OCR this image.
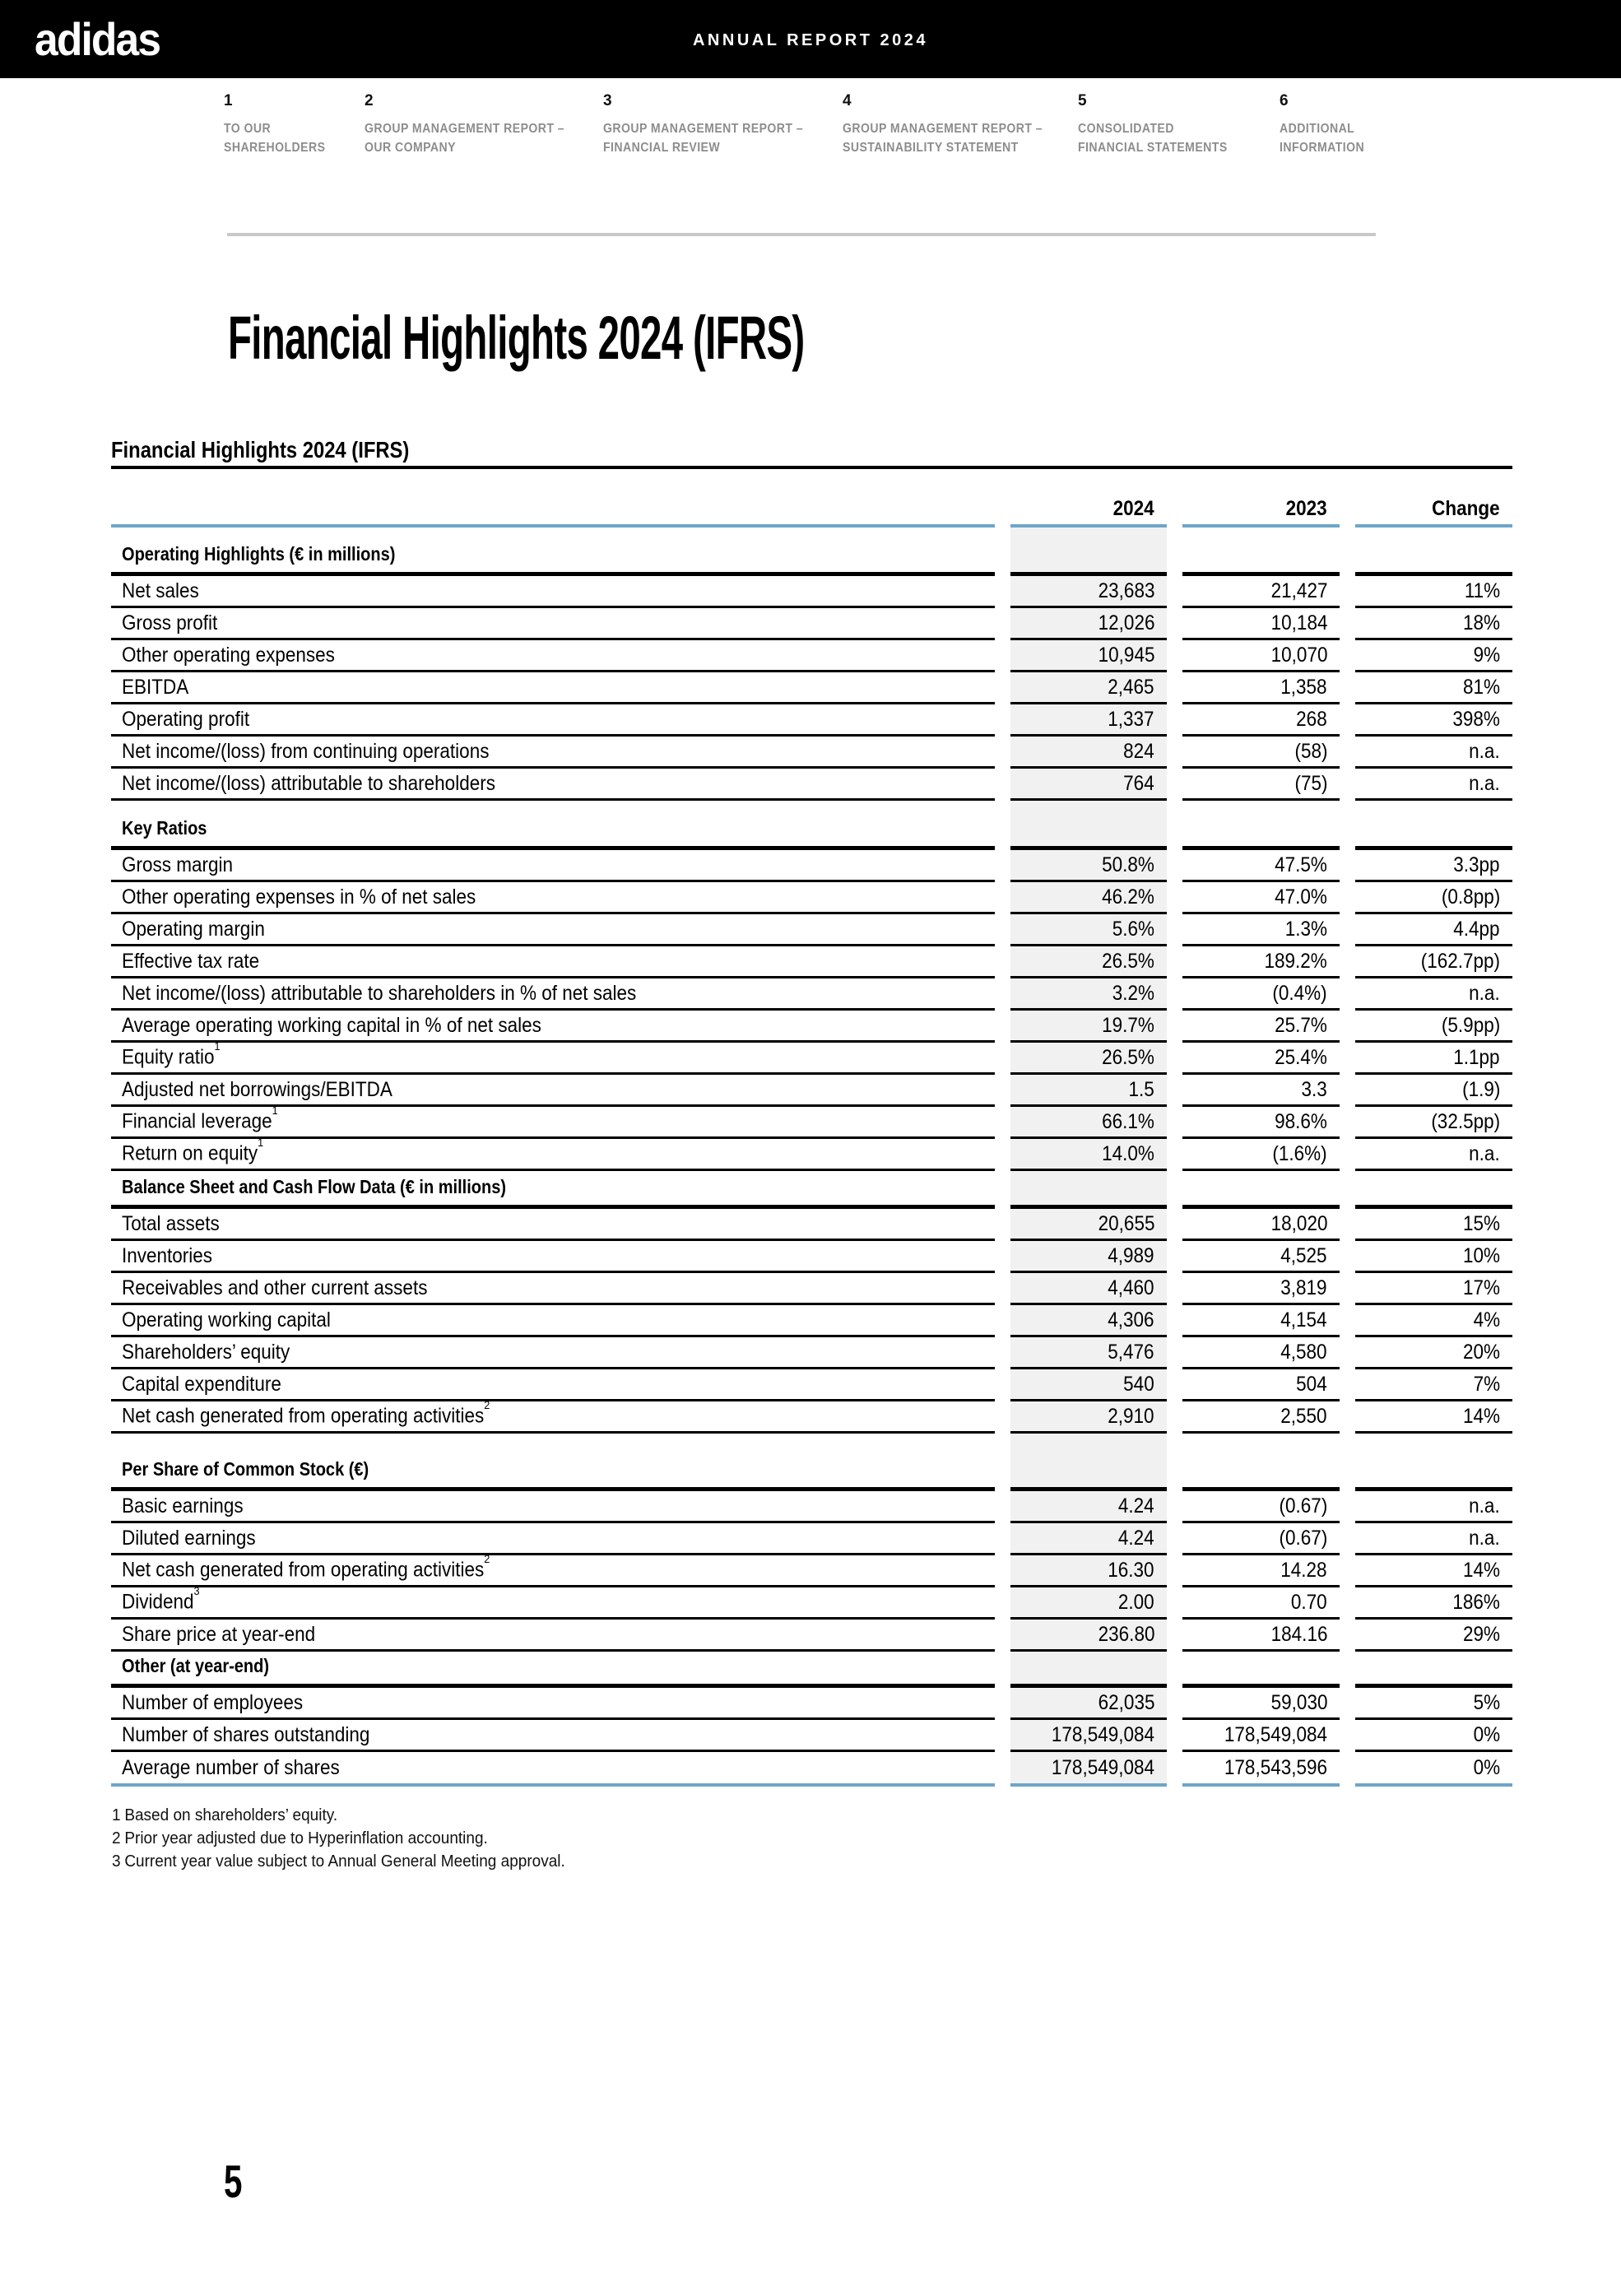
adidas	ANNUAL REPORT 2024
1
TO OUR
SHAREHOLDERS
2
GROUP MANAGEMENT REPORT –
OUR COMPANY
3
GROUP MANAGEMENT REPORT –
FINANCIAL REVIEW
4
GROUP MANAGEMENT REPORT –
SUSTAINABILITY STATEMENT
5
CONSOLIDATED
FINANCIAL STATEMENTS
6
ADDITIONAL
INFORMATION
Financial Highlights 2024 (IFRS)
Financial Highlights 2024 (IFRS)
2024	2023	Change
Operating Highlights (€ in millions)
Net sales	23,683	21,427	11%
Gross profit	12,026	10,184	18%
Other operating expenses	10,945	10,070	9%
EBITDA	2,465	1,358	81%
Operating profit	1,337	268	398%
Net income/(loss) from continuing operations	824	(58)	n.a.
Net income/(loss) attributable to shareholders	764	(75)	n.a.
Key Ratios
Gross margin	50.8%	47.5%	3.3pp
Other operating expenses in % of net sales	46.2%	47.0%	(0.8pp)
Operating margin	5.6%	1.3%	4.4pp
Effective tax rate	26.5%	189.2%	(162.7pp)
Net income/(loss) attributable to shareholders in % of net sales	3.2%	(0.4%)	n.a.
Average operating working capital in % of net sales	19.7%	25.7%	(5.9pp)
Equity ratio$^1$	26.5%	25.4%	1.1pp
Adjusted net borrowings/EBITDA	1.5	3.3	(1.9)
Financial leverage$^1$	66.1%	98.6%	(32.5pp)
Return on equity$^1$	14.0%	(1.6%)	n.a.
Balance Sheet and Cash Flow Data (€ in millions)
Total assets	20,655	18,020	15%
Inventories	4,989	4,525	10%
Receivables and other current assets	4,460	3,819	17%
Operating working capital	4,306	4,154	4%
Shareholders’ equity	5,476	4,580	20%
Capital expenditure	540	504	7%
Net cash generated from operating activities$^2$	2,910	2,550	14%
Per Share of Common Stock (€)
Basic earnings	4.24	(0.67)	n.a.
Diluted earnings	4.24	(0.67)	n.a.
Net cash generated from operating activities$^2$	16.30	14.28	14%
Dividend$^3$	2.00	0.70	186%
Share price at year-end	236.80	184.16	29%
Other (at year-end)
Number of employees	62,035	59,030	5%
Number of shares outstanding	178,549,084	178,549,084	0%
Average number of shares	178,549,084	178,543,596	0%
1 Based on shareholders’ equity.
2 Prior year adjusted due to Hyperinflation accounting.
3 Current year value subject to Annual General Meeting approval.
5
